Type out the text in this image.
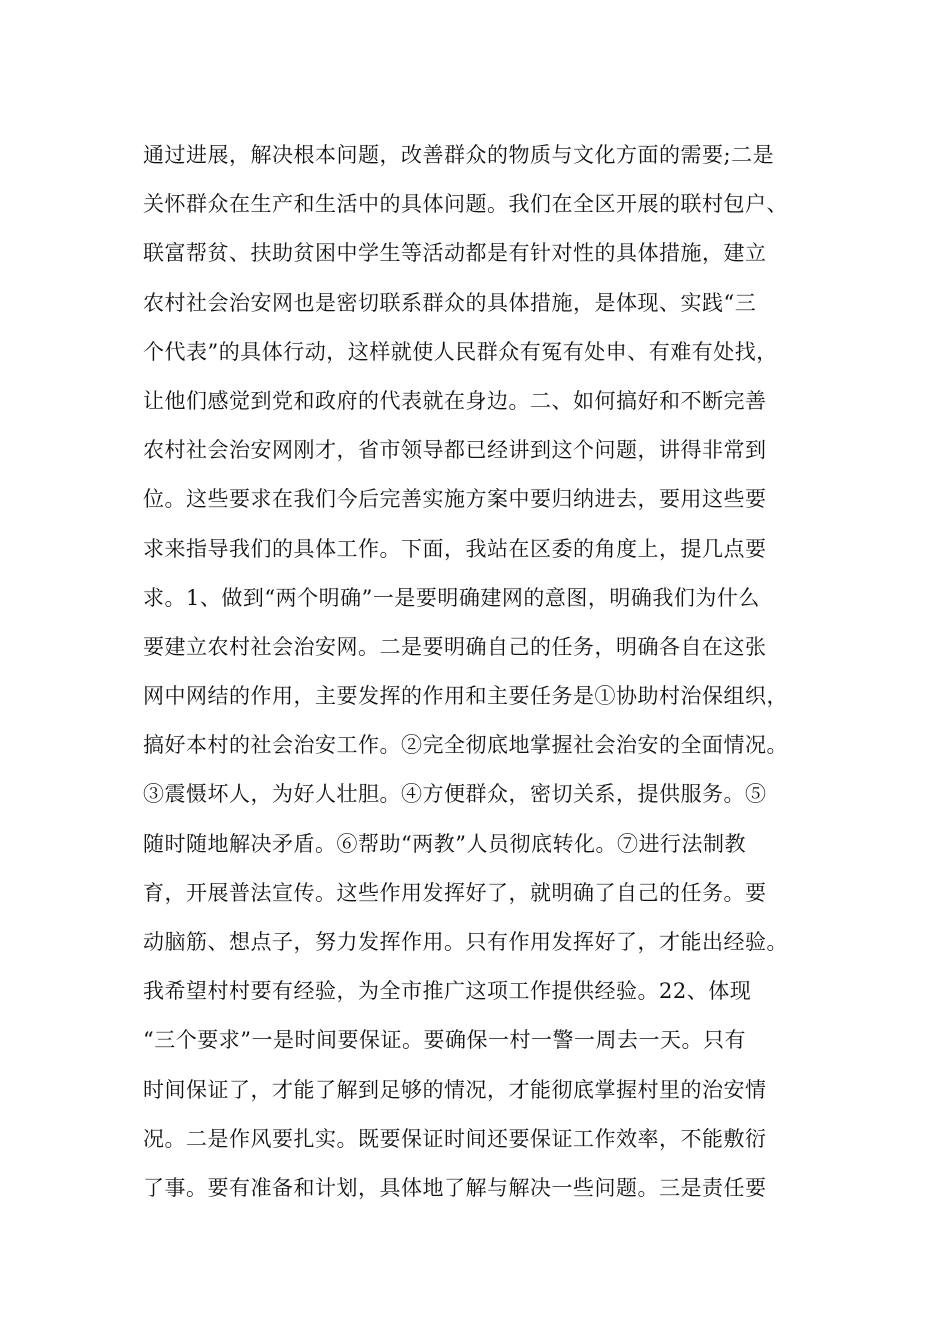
通过进展，解决根本问题，改善群众的物质与文化方面的需要;二是
关怀群众在生产和生活中的具体问题。我们在全区开展的联村包户、
联富帮贫、扶助贫困中学生等活动都是有针对性的具体措施，建立
农村社会治安网也是密切联系群众的具体措施，是体现、实践“三
个代表”的具体行动，这样就使人民群众有冤有处申、有难有处找，
让他们感觉到党和政府的代表就在身边。二、如何搞好和不断完善
农村社会治安网刚才，省市领导都已经讲到这个问题，讲得非常到
位。这些要求在我们今后完善实施方案中要归纳进去，要用这些要
求来指导我们的具体工作。下面，我站在区委的角度上，提几点要
求。1、做到“两个明确”一是要明确建网的意图，明确我们为什么
要建立农村社会治安网。二是要明确自己的任务，明确各自在这张
网中网结的作用，主要发挥的作用和主要任务是①协助村治保组织，
搞好本村的社会治安工作。②完全彻底地掌握社会治安的全面情况。
③震慑坏人，为好人壮胆。④方便群众，密切关系，提供服务。⑤
随时随地解决矛盾。⑥帮助“两教”人员彻底转化。⑦进行法制教
育，开展普法宣传。这些作用发挥好了，就明确了自己的任务。要
动脑筋、想点子，努力发挥作用。只有作用发挥好了，才能出经验。
我希望村村要有经验，为全市推广这项工作提供经验。22、体现
“三个要求”一是时间要保证。要确保一村一警一周去一天。只有
时间保证了，才能了解到足够的情况，才能彻底掌握村里的治安情
况。二是作风要扎实。既要保证时间还要保证工作效率，不能敷衍
了事。要有准备和计划，具体地了解与解决一些问题。三是责任要
